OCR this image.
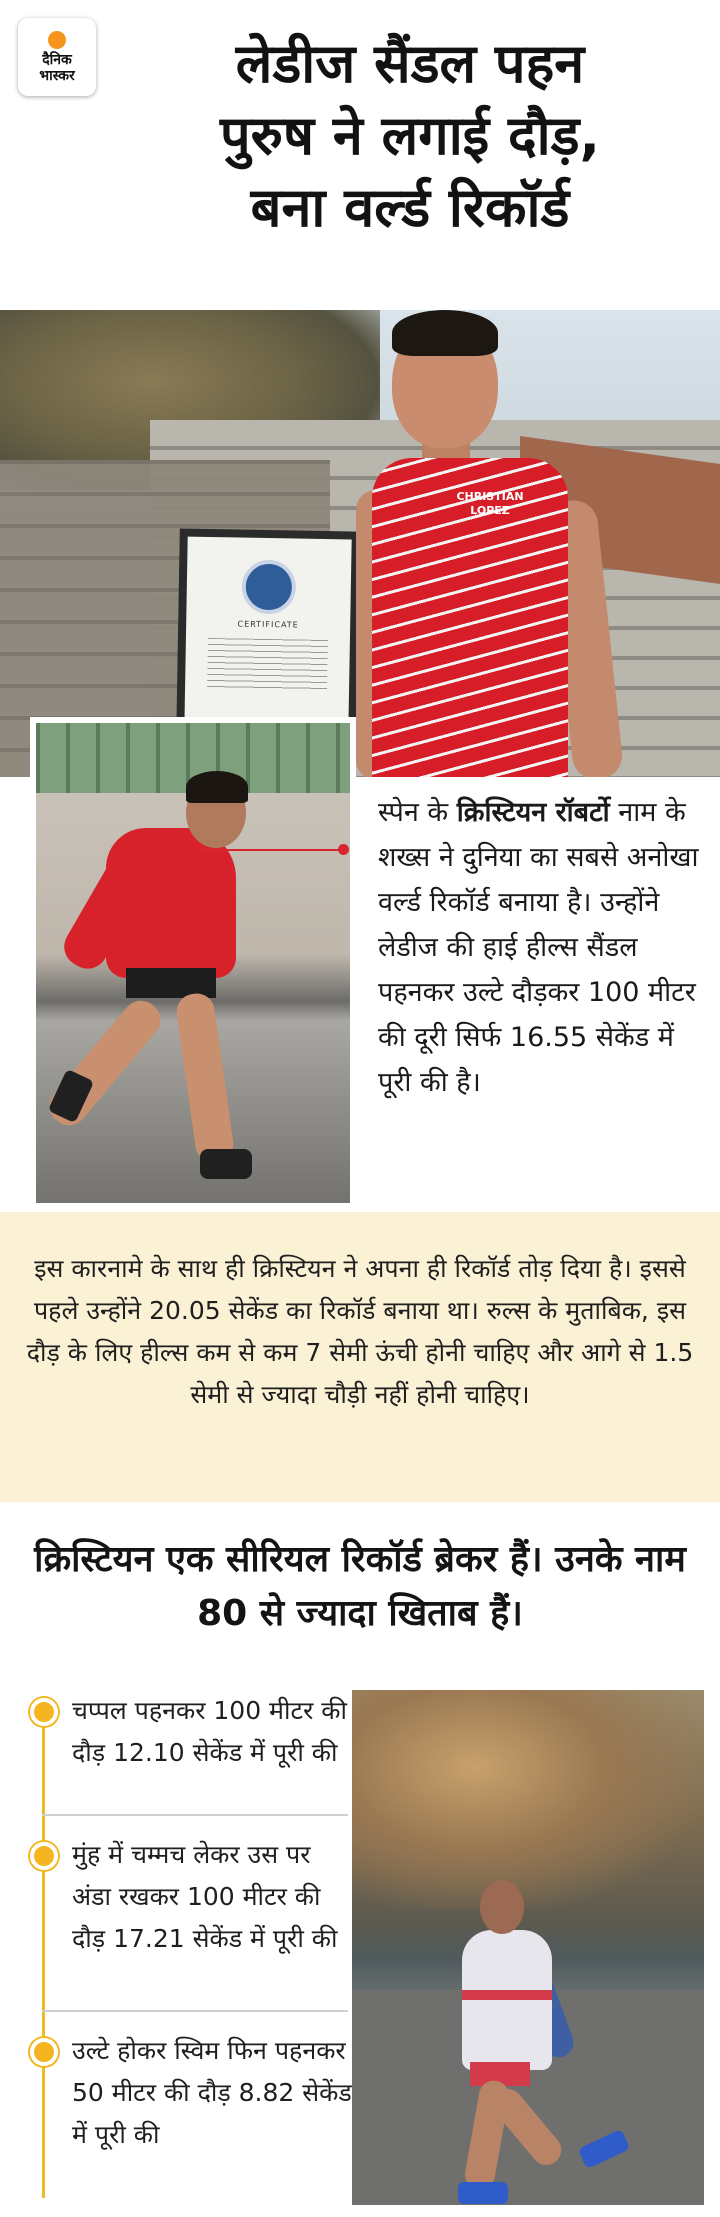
दैनिक
भास्कर	लेडीज सैंडल पहन
पुरुष ने लगाई दौड़,
बना वर्ल्ड रिकॉर्ड
CERTIFICATE
CHRISTIAN
LOPEZ
स्पेन के क्रिस्टियन रॉबर्टो नाम के शख्स ने दुनिया का सबसे अनोखा वर्ल्ड रिकॉर्ड बनाया है। उन्होंने लेडीज की हाई हील्स सैंडल पहनकर उल्टे दौड़कर 100 मीटर की दूरी सिर्फ 16.55 सेकेंड में पूरी की है।
इस कारनामे के साथ ही क्रिस्टियन ने अपना ही रिकॉर्ड तोड़ दिया है। इससे पहले उन्होंने 20.05 सेकेंड का रिकॉर्ड बनाया था। रुल्स के मुताबिक, इस दौड़ के लिए हील्स कम से कम 7 सेमी ऊंची होनी चाहिए और आगे से 1.5 सेमी से ज्यादा चौड़ी नहीं होनी चाहिए।
क्रिस्टियन एक सीरियल रिकॉर्ड ब्रेकर हैं। उनके नाम 80 से ज्यादा खिताब हैं।
चप्पल पहनकर 100 मीटर की दौड़ 12.10 सेकेंड में पूरी की
मुंह में चम्मच लेकर उस पर अंडा रखकर 100 मीटर की दौड़ 17.21 सेकेंड में पूरी की
उल्टे होकर स्विम फिन पहनकर 50 मीटर की दौड़ 8.82 सेकेंड में पूरी की
